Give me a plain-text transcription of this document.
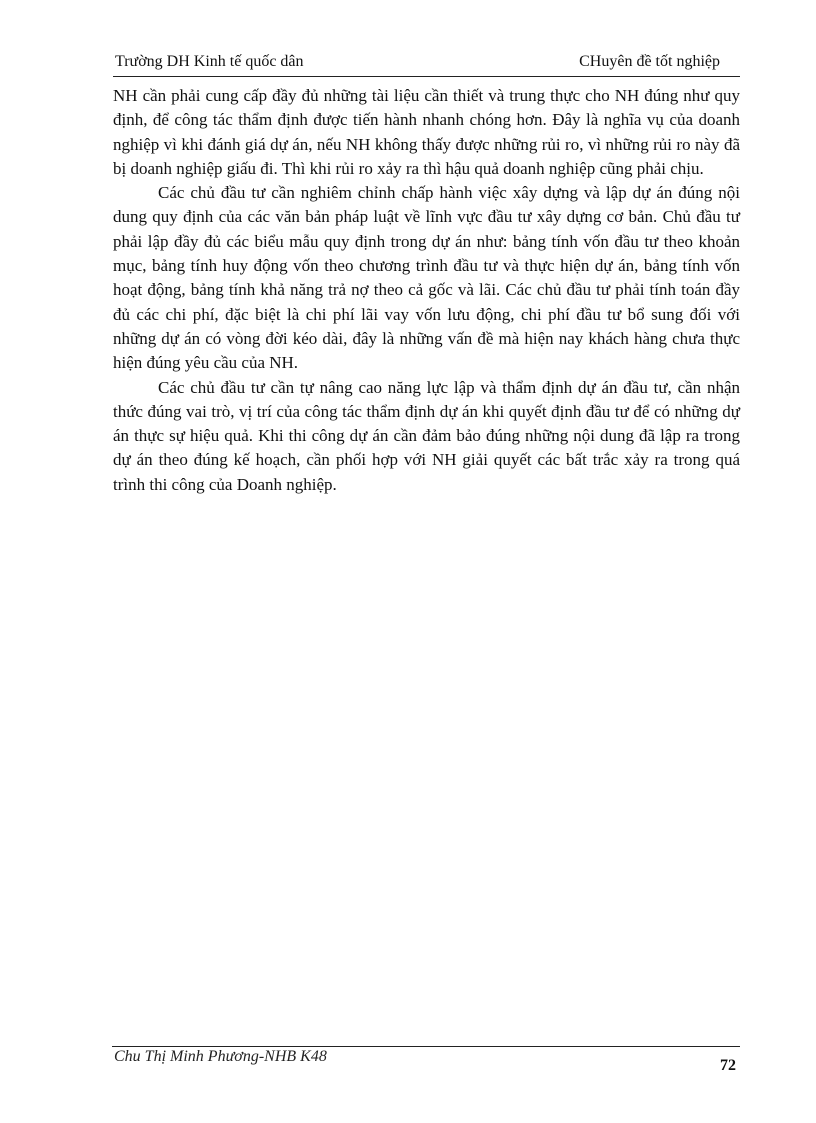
Trường DH Kinh tế quốc dân	CHuyên đề tốt nghiệp

NH cần phải cung cấp đầy đủ những tài liệu cần thiết và trung thực cho NH đúng như quy định, để công tác thẩm định được tiến hành nhanh chóng hơn. Đây là nghĩa vụ của doanh nghiệp vì khi đánh giá dự án, nếu NH không thấy được những rủi ro, vì những rủi ro này đã bị doanh nghiệp giấu đi. Thì khi rủi ro xảy ra thì hậu quả doanh nghiệp cũng phải chịu.

Các chủ đầu tư cần nghiêm chỉnh chấp hành việc xây dựng và lập dự án đúng nội dung quy định của các văn bản pháp luật về lĩnh vực đầu tư xây dựng cơ bản. Chủ đầu tư phải lập đầy đủ các biểu mẫu quy định trong dự án như: bảng tính vốn đầu tư theo khoản mục, bảng tính huy động vốn theo chương trình đầu tư và thực hiện dự án, bảng tính vốn hoạt động, bảng tính khả năng trả nợ theo cả gốc và lãi. Các chủ đầu tư phải tính toán đầy đủ các chi phí, đặc biệt là chi phí lãi vay vốn lưu động, chi phí đầu tư bổ sung đối với những dự án có vòng đời kéo dài, đây là những vấn đề mà hiện nay khách hàng chưa thực hiện đúng yêu cầu của NH.

Các chủ đầu tư cần tự nâng cao năng lực lập và thẩm định dự án đầu tư, cần nhận thức đúng vai trò, vị trí của công tác thẩm định dự án khi quyết định đầu tư để có những dự án thực sự hiệu quả. Khi thi công dự án cần đảm bảo đúng những nội dung đã lập ra trong dự án theo đúng kế hoạch, cần phối hợp với NH giải quyết các bất trắc xảy ra trong quá trình thi công của Doanh nghiệp.

Chu Thị Minh Phương-NHB K48
72
